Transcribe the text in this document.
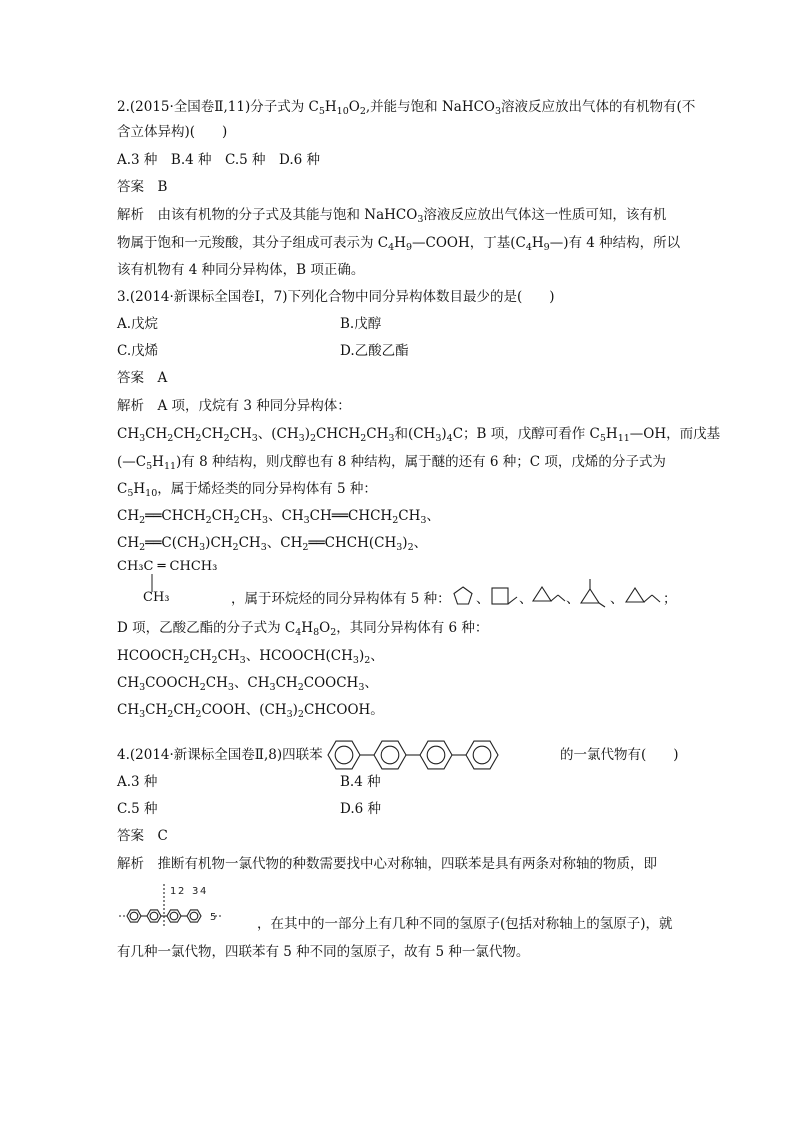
2.(2015·全国卷Ⅱ,11)分子式为 $C_5H_{10}O_2$,并能与饱和 NaHCO$_3$溶液反应放出气体的有机物有(不
含立体异构)(　　)
A.3 种　B.4 种　C.5 种　D.6 种
答案　 B
解析　 由该有机物的分子式及其能与饱和 NaHCO$_3$溶液反应放出气体这一性质可知，该有机
物属于饱和一元羧酸，其分子组成可表示为 $C_4H_9—COOH$，丁基$(C_4H_9—)$有 4 种结构，所以
该有机物有 4 种同分异构体，B 项正确。
3.(2014·新课标全国卷Ⅰ，7)下列化合物中同分异构体数目最少的是(　　)
A.戊烷	B.戊醇
C.戊烯	D.乙酸乙酯
答案　 A
解析　 A 项，戊烷有 3 种同分异构体：
$CH_3CH_2CH_2CH_2CH_3$、$(CH_3)_2CHCH_2CH_3$和$(CH_3)_4C$；B 项，戊醇可看作 $C_5H_{11}—OH$，而戊基
$(—C_5H_{11})$有 8 种结构，则戊醇也有 8 种结构，属于醚的还有 6 种；C 项，戊烯的分子式为
$C_5H_{10}$，属于烯烃类的同分异构体有 5 种：
$CH_2══CHCH_2CH_2CH_3$、$CH_3CH══CHCH_2CH_3$、
$CH_2══C(CH_3)CH_2CH_3$、$CH_2══CHCH(CH_3)_2$、
CH₃C ═ CHCH₃
CH₃	，属于环烷烃的同分异构体有 5 种： 、 、 、 、	；
D 项，乙酸乙酯的分子式为 $C_4H_8O_2$，其同分异构体有 6 种：
$HCOOCH_2CH_2CH_3$、$HCOOCH(CH_3)_2$、
$CH_3COOCH_2CH_3$、$CH_3CH_2COOCH_3$、
$CH_3CH_2CH_2COOH$、$(CH_3)_2CHCOOH$。
4.(2014·新课标全国卷Ⅱ,8)四联苯	的一氯代物有(　　)
A.3 种	B.4 种
C.5 种	D.6 种
答案　 C
解析　 推断有机物一氯代物的种数需要找中心对称轴，四联苯是具有两条对称轴的物质，即
1 2 3 4
5	，在其中的一部分上有几种不同的氢原子(包括对称轴上的氢原子)，就
有几种一氯代物，四联苯有 5 种不同的氢原子，故有 5 种一氯代物。
